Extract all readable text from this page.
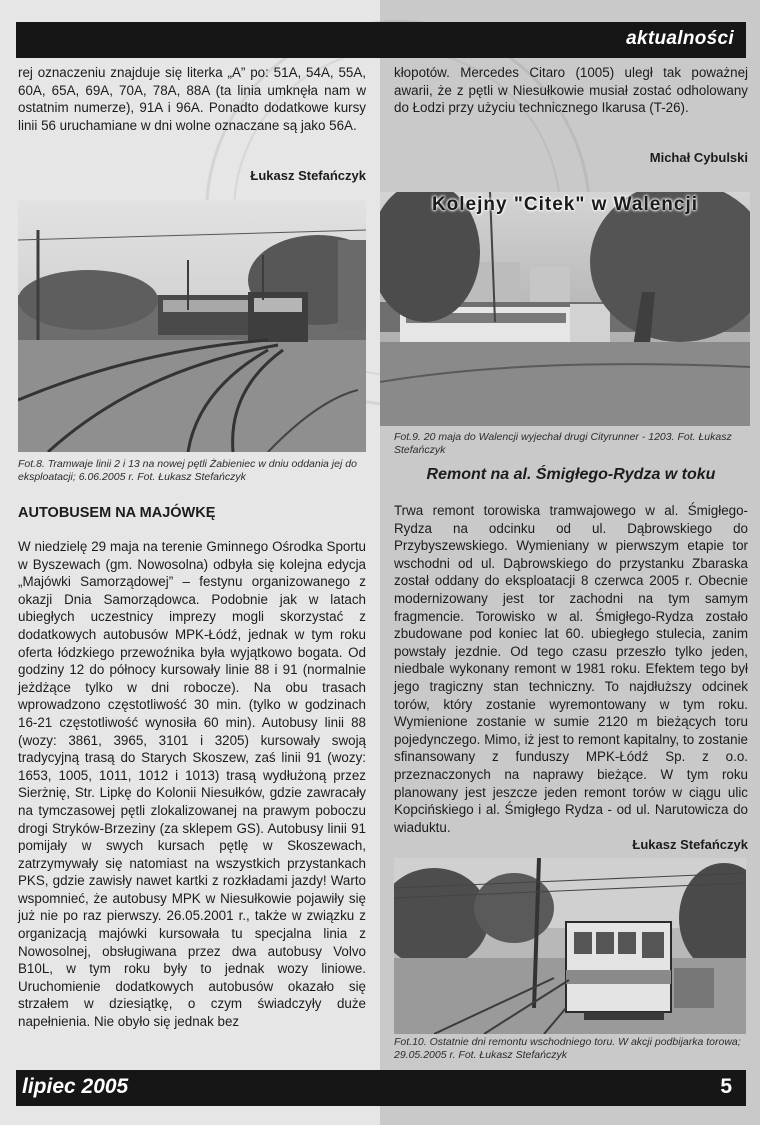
aktualności
rej oznaczeniu znajduje się literka „A” po: 51A, 54A, 55A, 60A, 65A, 69A, 70A, 78A, 88A (ta linia umknęła nam w ostatnim numerze), 91A i 96A. Ponadto dodatkowe kursy linii 56 uruchamiane w dni wolne oznaczane są jako 56A.
Łukasz Stefańczyk
Fot.8. Tramwaje linii 2 i 13 na nowej pętli Żabieniec w dniu oddania jej do eksploatacji; 6.06.2005 r. Fot. Łukasz Stefańczyk
AUTOBUSEM NA MAJÓWKĘ
W niedzielę 29 maja na terenie Gminnego Ośrodka Sportu w Byszewach (gm. Nowosolna) odbyła się kolejna edycja „Majówki Samorządowej” – festynu organizowanego z okazji Dnia Samorządowca. Podobnie jak w latach ubiegłych uczestnicy imprezy mogli skorzystać z dodatkowych autobusów MPK-Łódź, jednak w tym roku oferta łódzkiego przewoźnika była wyjątkowo bogata. Od godziny 12 do północy kursowały linie 88 i 91 (normalnie jeżdżące tylko w dni robocze). Na obu trasach wprowadzono częstotliwość 30 min. (tylko w godzinach 16-21 częstotliwość wynosiła 60 min). Autobusy linii 88 (wozy: 3861, 3965, 3101 i 3205) kursowały swoją tradycyjną trasą do Starych Skoszew, zaś linii 91 (wozy: 1653, 1005, 1011, 1012 i 1013) trasą wydłużoną przez Sierżnię, Str. Lipkę do Kolonii Niesułków, gdzie zawracały na tymczasowej pętli zlokalizowanej na prawym poboczu drogi Stryków-Brzeziny (za sklepem GS). Autobusy linii 91 pomijały w swych kursach pętlę w Skoszewach, zatrzymywały się natomiast na wszystkich przystankach PKS, gdzie zawisły nawet kartki z rozkładami jazdy! Warto wspomnieć, że autobusy MPK w Niesułkowie pojawiły się już nie po raz pierwszy. 26.05.2001 r., także w związku z organizacją majówki kursowała tu specjalna linia z Nowosolnej, obsługiwana przez dwa autobusy Volvo B10L, w tym roku były to jednak wozy liniowe. Uruchomienie dodatkowych autobusów okazało się strzałem w dziesiątkę, o czym świadczyły duże napełnienia. Nie obyło się jednak bez
kłopotów. Mercedes Citaro (1005) uległ tak poważnej awarii, że z pętli w Niesułkowie musiał zostać odholowany do Łodzi przy użyciu technicznego Ikarusa (T-26).
Michał Cybulski
Kolejny "Citek" w Walencji
Fot.9. 20 maja do Walencji wyjechał drugi Cityrunner - 1203. Fot. Łukasz Stefańczyk
Remont na al. Śmigłego-Rydza w toku
Trwa remont torowiska tramwajowego w al. Śmigłego-Rydza na odcinku od ul. Dąbrowskiego do Przybyszewskiego. Wymieniany w pierwszym etapie tor wschodni od ul. Dąbrowskiego do przystanku Zbaraska został oddany do eksploatacji 8 czerwca 2005 r. Obecnie modernizowany jest tor zachodni na tym samym fragmencie. Torowisko w al. Śmigłego-Rydza zostało zbudowane pod koniec lat 60. ubiegłego stulecia, zanim powstały jezdnie. Od tego czasu przeszło tylko jeden, niedbale wykonany remont w 1981 roku. Efektem tego był jego tragiczny stan techniczny. To najdłuższy odcinek torów, który zostanie wyremontowany w tym roku. Wymienione zostanie w sumie 2120 m bieżących toru pojedynczego. Mimo, iż jest to remont kapitalny, to zostanie sfinansowany z funduszy MPK-Łódź Sp. z o.o. przeznaczonych na naprawy bieżące. W tym roku planowany jest jeszcze jeden remont torów w ciągu ulic Kopcińskiego i al. Śmigłego Rydza - od ul. Narutowicza do wiaduktu.
Łukasz Stefańczyk
Fot.10. Ostatnie dni remontu wschodniego toru. W akcji podbijarka torowa; 29.05.2005 r. Fot. Łukasz Stefańczyk
lipiec 2005	5
